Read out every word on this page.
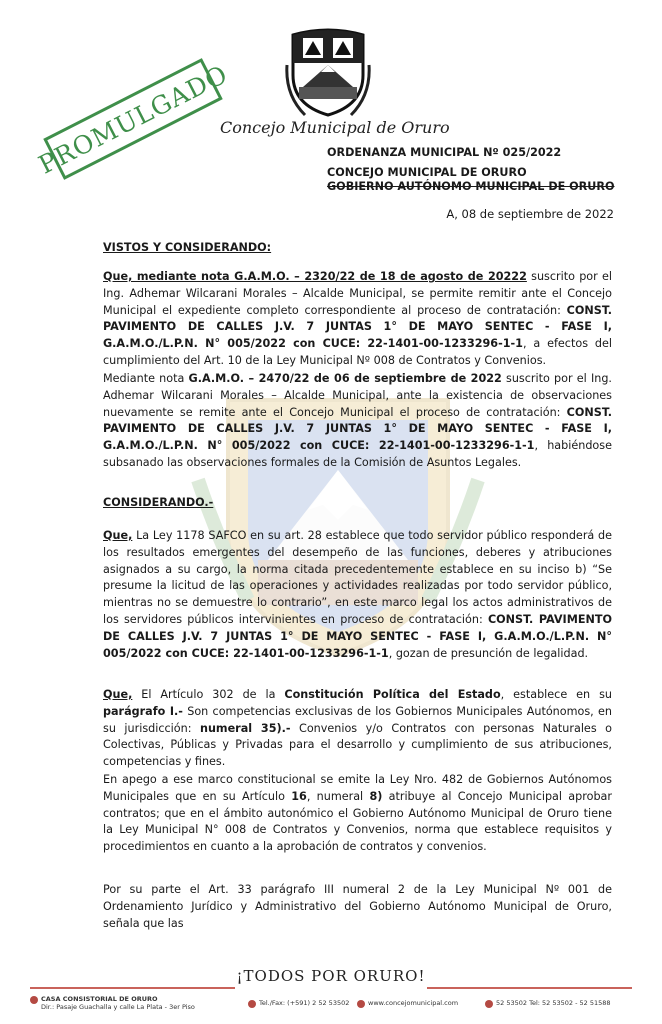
PROMULGADO
Concejo Municipal de Oruro
ORDENANZA MUNICIPAL Nº 025/2022
CONCEJO MUNICIPAL DE ORURO
GOBIERNO AUTÓNOMO MUNICIPAL DE ORURO
A, 08 de septiembre de 2022

VISTOS Y CONSIDERANDO:

Que, mediante nota G.A.M.O. – 2320/22 de 18 de agosto de 20222 suscrito por el Ing. Adhemar Wilcarani Morales – Alcalde Municipal, se permite remitir ante el Concejo Municipal el expediente completo correspondiente al proceso de contratación: CONST. PAVIMENTO DE CALLES J.V. 7 JUNTAS 1° DE MAYO SENTEC - FASE I, G.A.M.O./L.P.N. N° 005/2022 con CUCE: 22-1401-00-1233296-1-1, a efectos del cumplimiento del Art. 10 de la Ley Municipal Nº 008 de Contratos y Convenios.

Mediante nota G.A.M.O. – 2470/22 de 06 de septiembre de 2022 suscrito por el Ing. Adhemar Wilcarani Morales – Alcalde Municipal, ante la existencia de observaciones nuevamente se remite ante el Concejo Municipal el proceso de contratación: CONST. PAVIMENTO DE CALLES J.V. 7 JUNTAS 1° DE MAYO SENTEC - FASE I, G.A.M.O./L.P.N. N° 005/2022 con CUCE: 22-1401-00-1233296-1-1, habiéndose subsanado las observaciones formales de la Comisión de Asuntos Legales.

CONSIDERANDO.-

Que, La Ley 1178 SAFCO en su art. 28 establece que todo servidor público responderá de los resultados emergentes del desempeño de las funciones, deberes y atribuciones asignados a su cargo, la norma citada precedentemente establece en su inciso b) “Se presume la licitud de las operaciones y actividades realizadas por todo servidor público, mientras no se demuestre lo contrario”, en este marco legal los actos administrativos de los servidores públicos intervinientes en proceso de contratación: CONST. PAVIMENTO DE CALLES J.V. 7 JUNTAS 1° DE MAYO SENTEC - FASE I, G.A.M.O./L.P.N. N° 005/2022 con CUCE: 22-1401-00-1233296-1-1, gozan de presunción de legalidad.

Que, El Artículo 302 de la Constitución Política del Estado, establece en su parágrafo I.- Son competencias exclusivas de los Gobiernos Municipales Autónomos, en su jurisdicción: numeral 35).- Convenios y/o Contratos con personas Naturales o Colectivas, Públicas y Privadas para el desarrollo y cumplimiento de sus atribuciones, competencias y fines.

En apego a ese marco constitucional se emite la Ley Nro. 482 de Gobiernos Autónomos Municipales que en su Artículo 16, numeral 8) atribuye al Concejo Municipal aprobar contratos; que en el ámbito autonómico el Gobierno Autónomo Municipal de Oruro tiene la Ley Municipal N° 008 de Contratos y Convenios, norma que establece requisitos y procedimientos en cuanto a la aprobación de contratos y convenios.

Por su parte el Art. 33 parágrafo III numeral 2 de la Ley Municipal Nº 001 de Ordenamiento Jurídico y Administrativo del Gobierno Autónomo Municipal de Oruro, señala que las

¡TODOS POR ORURO!
CASA CONSISTORIAL DE ORURO
Dir.: Pasaje Guachalla y calle La Plata - 3er Piso	Tel./Fax: (+591) 2 52 53502	www.concejomunicipal.com	52 53502 Tel: 52 53502 - 52 51588
